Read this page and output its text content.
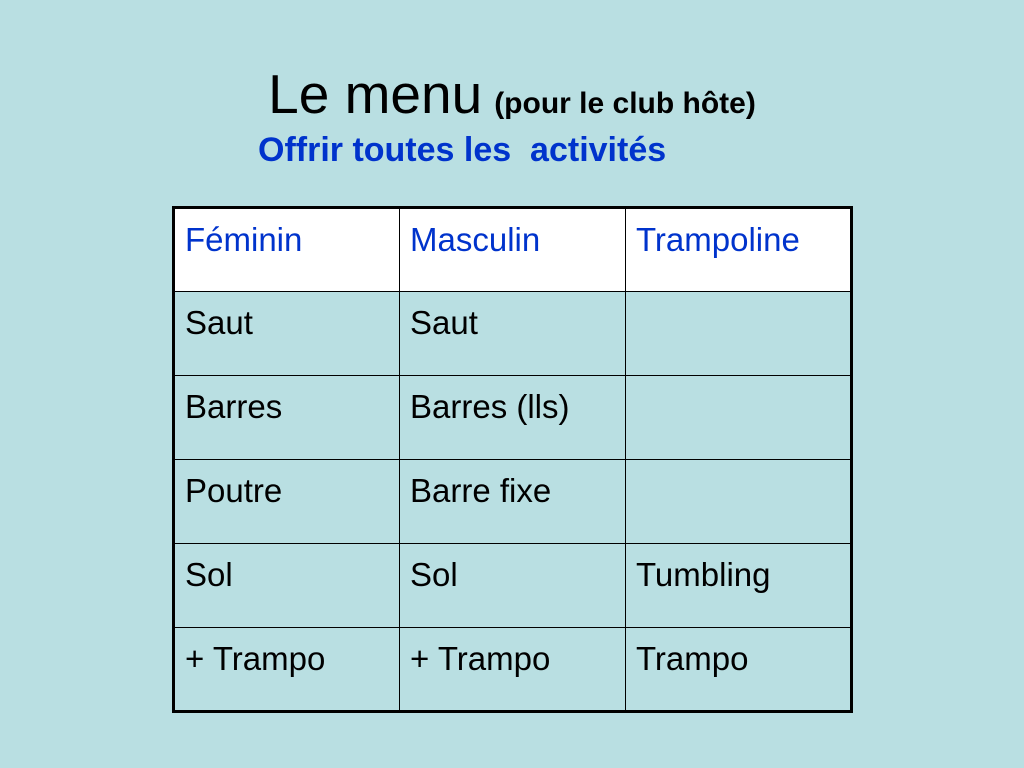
Le menu (pour le club hôte)

Offrir toutes les  activités

Féminin	Masculin	Trampoline
Saut	Saut	
Barres	Barres (lls)	
Poutre	Barre fixe	
Sol	Sol	Tumbling
+ Trampo	+ Trampo	Trampo
